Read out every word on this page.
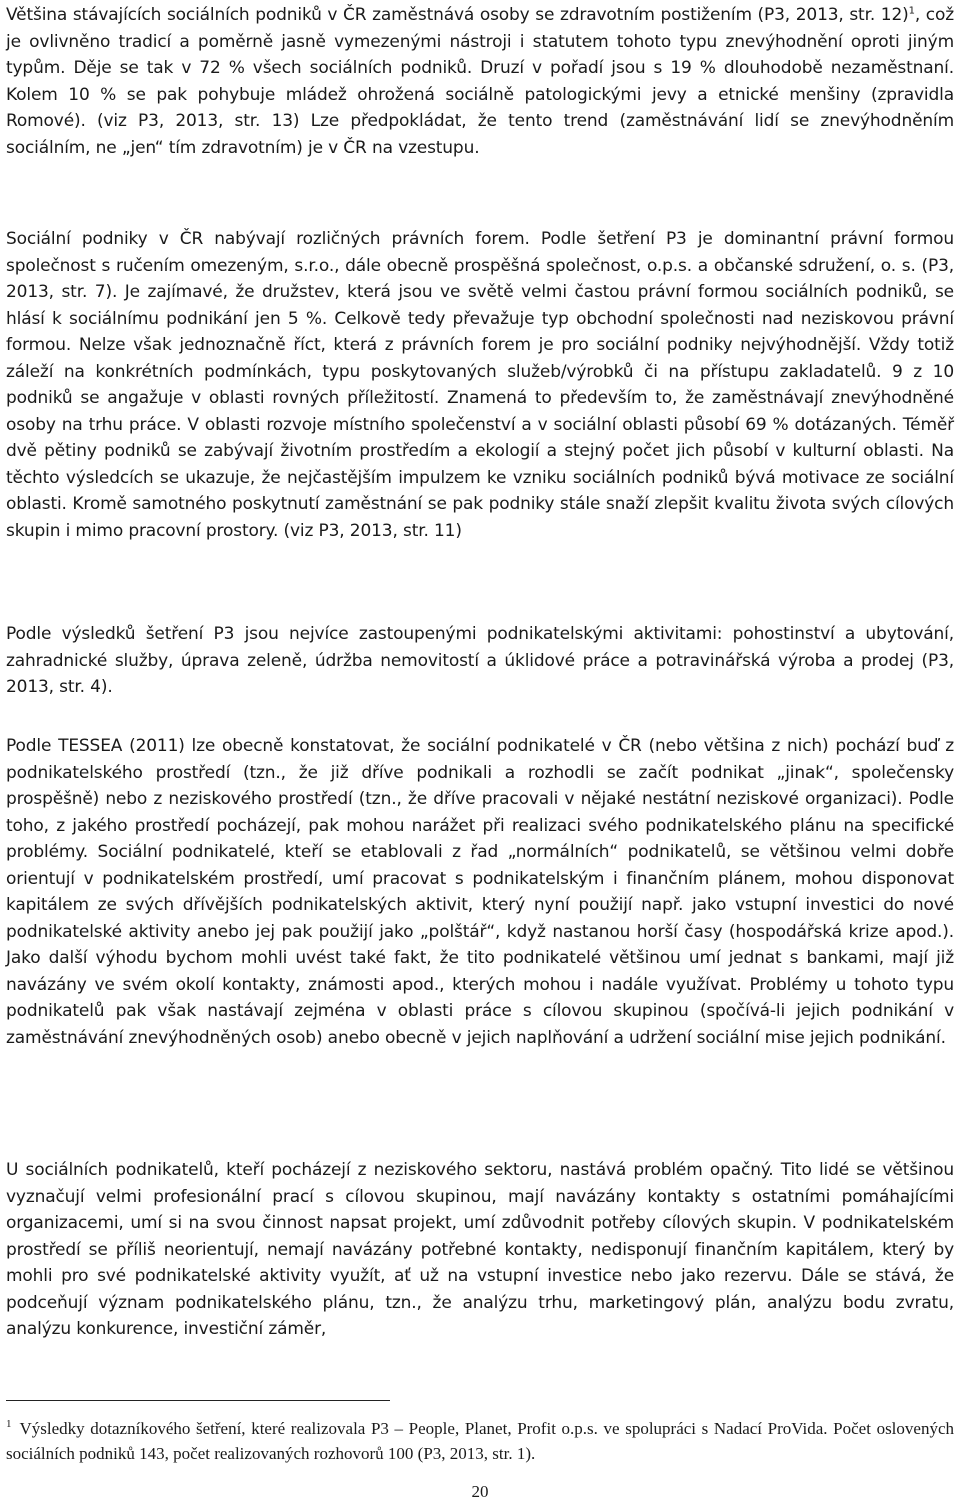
Většina stávajících sociálních podniků v ČR zaměstnává osoby se zdravotním postižením (P3, 2013, str. 12)$^1$, což je ovlivněno tradicí a poměrně jasně vymezenými nástroji i statutem tohoto typu znevýhodnění oproti jiným typům. Děje se tak v 72 % všech sociálních podniků. Druzí v pořadí jsou s 19 % dlouhodobě nezaměstnaní. Kolem 10 % se pak pohybuje mládež ohrožená sociálně patologickými jevy a etnické menšiny (zpravidla Romové). (viz P3, 2013, str. 13) Lze předpokládat, že tento trend (zaměstnávání lidí se znevýhodněním sociálním, ne „jen“ tím zdravotním) je v ČR na vzestupu.

Sociální podniky v ČR nabývají rozličných právních forem. Podle šetření P3 je dominantní právní formou společnost s ručením omezeným, s.r.o., dále obecně prospěšná společnost, o.p.s. a občanské sdružení, o. s. (P3, 2013, str. 7). Je zajímavé, že družstev, která jsou ve světě velmi častou právní formou sociálních podniků, se hlásí k sociálnímu podnikání jen 5 %. Celkově tedy převažuje typ obchodní společnosti nad neziskovou právní formou. Nelze však jednoznačně říct, která z právních forem je pro sociální podniky nejvýhodnější. Vždy totiž záleží na konkrétních podmínkách, typu poskytovaných služeb/výrobků či na přístupu zakladatelů. 9 z 10 podniků se angažuje v oblasti rovných příležitostí. Znamená to především to, že zaměstnávají znevýhodněné osoby na trhu práce. V oblasti rozvoje místního společenství a v sociální oblasti působí 69 % dotázaných. Téměř dvě pětiny podniků se zabývají životním prostředím a ekologií a stejný počet jich působí v kulturní oblasti. Na těchto výsledcích se ukazuje, že nejčastějším impulzem ke vzniku sociálních podniků bývá motivace ze sociální oblasti. Kromě samotného poskytnutí zaměstnání se pak podniky stále snaží zlepšit kvalitu života svých cílových skupin i mimo pracovní prostory. (viz P3, 2013, str. 11)

Podle výsledků šetření P3 jsou nejvíce zastoupenými podnikatelskými aktivitami: pohostinství a ubytování, zahradnické služby, úprava zeleně, údržba nemovitostí a úklidové práce a potravinářská výroba a prodej (P3, 2013, str. 4).

Podle TESSEA (2011) lze obecně konstatovat, že sociální podnikatelé v ČR (nebo většina z nich) pochází buď z podnikatelského prostředí (tzn., že již dříve podnikali a rozhodli se začít podnikat „jinak“, společensky prospěšně) nebo z neziskového prostředí (tzn., že dříve pracovali v nějaké nestátní neziskové organizaci). Podle toho, z jakého prostředí pocházejí, pak mohou narážet při realizaci svého podnikatelského plánu na specifické problémy. Sociální podnikatelé, kteří se etablovali z řad „normálních“ podnikatelů, se většinou velmi dobře orientují v podnikatelském prostředí, umí pracovat s podnikatelským i finančním plánem, mohou disponovat kapitálem ze svých dřívějších podnikatelských aktivit, který nyní použijí např. jako vstupní investici do nové podnikatelské aktivity anebo jej pak použijí jako „polštář“, když nastanou horší časy (hospodářská krize apod.). Jako další výhodu bychom mohli uvést také fakt, že tito podnikatelé většinou umí jednat s bankami, mají již navázány ve svém okolí kontakty, známosti apod., kterých mohou i nadále využívat. Problémy u tohoto typu podnikatelů pak však nastávají zejména v oblasti práce s cílovou skupinou (spočívá-li jejich podnikání v zaměstnávání znevýhodněných osob) anebo obecně v jejich naplňování a udržení sociální mise jejich podnikání.

U sociálních podnikatelů, kteří pocházejí z neziskového sektoru, nastává problém opačný. Tito lidé se většinou vyznačují velmi profesionální prací s cílovou skupinou, mají navázány kontakty s ostatními pomáhajícími organizacemi, umí si na svou činnost napsat projekt, umí zdůvodnit potřeby cílových skupin. V podnikatelském prostředí se příliš neorientují, nemají navázány potřebné kontakty, nedisponují finančním kapitálem, který by mohli pro své podnikatelské aktivity využít, ať už na vstupní investice nebo jako rezervu. Dále se stává, že podceňují význam podnikatelského plánu, tzn., že analýzu trhu, marketingový plán, analýzu bodu zvratu, analýzu konkurence, investiční záměr,

$^1$ Výsledky dotazníkového šetření, které realizovala P3 – People, Planet, Profit o.p.s. ve spolupráci s Nadací ProVida. Počet oslovených sociálních podniků 143, počet realizovaných rozhovorů 100 (P3, 2013, str. 1).

20
